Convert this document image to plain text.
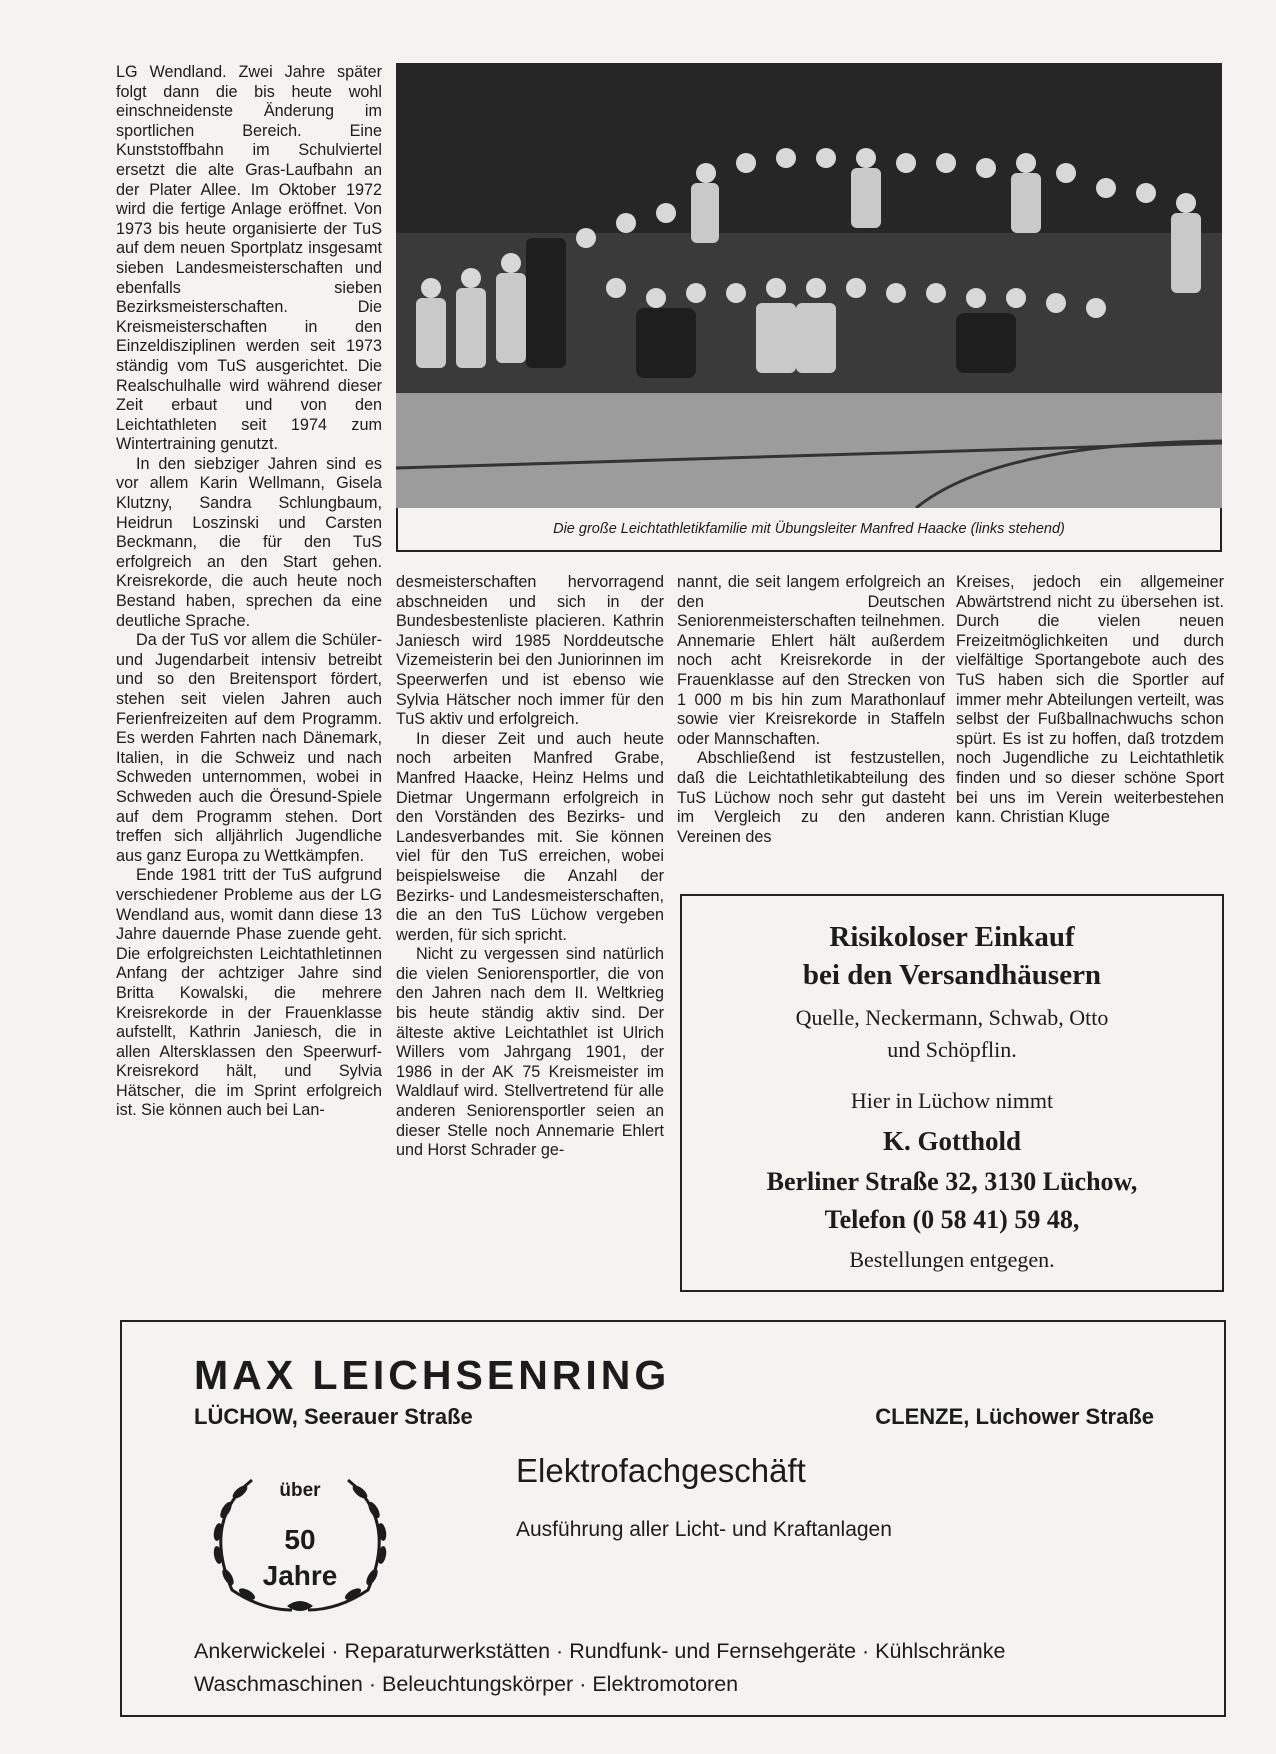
LG Wendland. Zwei Jahre später folgt dann die bis heute wohl einschneidenste Änderung im sportlichen Bereich. Eine Kunststoffbahn im Schulviertel ersetzt die alte Gras-Laufbahn an der Plater Allee. Im Oktober 1972 wird die fertige Anlage eröffnet. Von 1973 bis heute organisierte der TuS auf dem neuen Sportplatz insgesamt sieben Landesmeisterschaften und ebenfalls sieben Bezirksmeisterschaften. Die Kreismeisterschaften in den Einzeldisziplinen werden seit 1973 ständig vom TuS ausgerichtet. Die Realschulhalle wird während dieser Zeit erbaut und von den Leichtathleten seit 1974 zum Wintertraining genutzt.

In den siebziger Jahren sind es vor allem Karin Wellmann, Gisela Klutzny, Sandra Schlungbaum, Heidrun Loszinski und Carsten Beckmann, die für den TuS erfolgreich an den Start gehen. Kreisrekorde, die auch heute noch Bestand haben, sprechen da eine deutliche Sprache.

Da der TuS vor allem die Schüler- und Jugendarbeit intensiv betreibt und so den Breitensport fördert, stehen seit vielen Jahren auch Ferienfreizeiten auf dem Programm. Es werden Fahrten nach Dänemark, Italien, in die Schweiz und nach Schweden unternommen, wobei in Schweden auch die Öresund-Spiele auf dem Programm stehen. Dort treffen sich alljährlich Jugendliche aus ganz Europa zu Wettkämpfen.

Ende 1981 tritt der TuS aufgrund verschiedener Probleme aus der LG Wendland aus, womit dann diese 13 Jahre dauernde Phase zuende geht. Die erfolgreichsten Leichtathletinnen Anfang der achtziger Jahre sind Britta Kowalski, die mehrere Kreisrekorde in der Frauenklasse aufstellt, Kathrin Janiesch, die in allen Altersklassen den Speerwurf-Kreisrekord hält, und Sylvia Hätscher, die im Sprint erfolgreich ist. Sie können auch bei Lan-

Die große Leichtathletikfamilie mit Übungsleiter Manfred Haacke (links stehend)

desmeisterschaften hervorragend abschneiden und sich in der Bundesbestenliste placieren. Kathrin Janiesch wird 1985 Norddeutsche Vizemeisterin bei den Juniorinnen im Speerwerfen und ist ebenso wie Sylvia Hätscher noch immer für den TuS aktiv und erfolgreich.

In dieser Zeit und auch heute noch arbeiten Manfred Grabe, Manfred Haacke, Heinz Helms und Dietmar Ungermann erfolgreich in den Vorständen des Bezirks- und Landesverbandes mit. Sie können viel für den TuS erreichen, wobei beispielsweise die Anzahl der Bezirks- und Landesmeisterschaften, die an den TuS Lüchow vergeben werden, für sich spricht.

Nicht zu vergessen sind natürlich die vielen Seniorensportler, die von den Jahren nach dem II. Weltkrieg bis heute ständig aktiv sind. Der älteste aktive Leichtathlet ist Ulrich Willers vom Jahrgang 1901, der 1986 in der AK 75 Kreismeister im Waldlauf wird. Stellvertretend für alle anderen Seniorensportler seien an dieser Stelle noch Annemarie Ehlert und Horst Schrader ge-

nannt, die seit langem erfolgreich an den Deutschen Seniorenmeisterschaften teilnehmen. Annemarie Ehlert hält außerdem noch acht Kreisrekorde in der Frauenklasse auf den Strecken von 1 000 m bis hin zum Marathonlauf sowie vier Kreisrekorde in Staffeln oder Mannschaften.

Abschließend ist festzustellen, daß die Leichtathletikabteilung des TuS Lüchow noch sehr gut dasteht im Vergleich zu den anderen Vereinen des

Kreises, jedoch ein allgemeiner Abwärtstrend nicht zu übersehen ist. Durch die vielen neuen Freizeitmöglichkeiten und durch vielfältige Sportangebote auch des TuS haben sich die Sportler auf immer mehr Abteilungen verteilt, was selbst der Fußballnachwuchs schon spürt. Es ist zu hoffen, daß trotzdem noch Jugendliche zu Leichtathletik finden und so dieser schöne Sport bei uns im Verein weiterbestehen kann. Christian Kluge

Risikoloser Einkauf
bei den Versandhäusern
Quelle, Neckermann, Schwab, Otto
und Schöpflin.
Hier in Lüchow nimmt
K. Gotthold
Berliner Straße 32, 3130 Lüchow,
Telefon (0 58 41) 59 48,
Bestellungen entgegen.
MAX LEICHSENRING
LÜCHOW, Seerauer Straße	CLENZE, Lüchower Straße
über
50
Jahre
Elektrofachgeschäft
Ausführung aller Licht- und Kraftanlagen
Ankerwickelei · Reparaturwerkstätten · Rundfunk- und Fernsehgeräte · Kühlschränke
Waschmaschinen · Beleuchtungskörper · Elektromotoren
